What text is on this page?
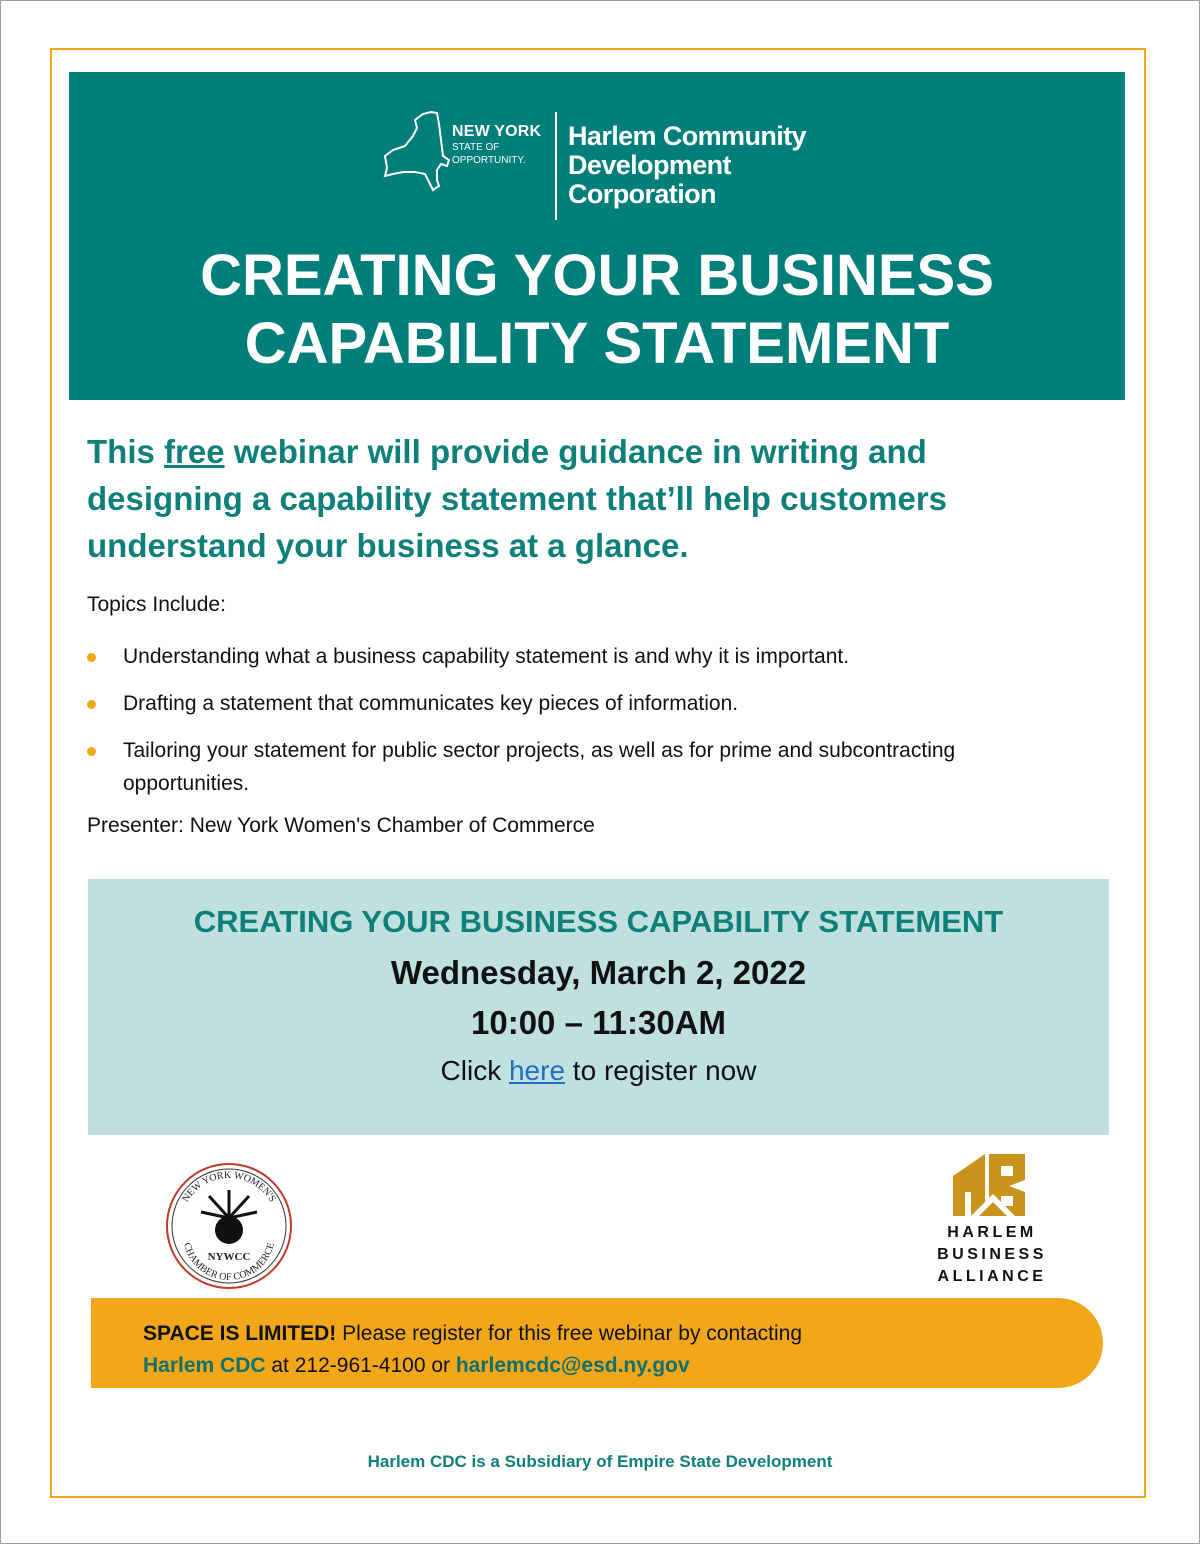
NEW YORK
STATE OF
OPPORTUNITY.
Harlem Community
Development
Corporation
CREATING YOUR BUSINESS
CAPABILITY STATEMENT
This free webinar will provide guidance in writing and designing a capability statement that’ll help customers understand your business at a glance.
Topics Include:
Understanding what a business capability statement is and why it is important.
Drafting a statement that communicates key pieces of information.
Tailoring your statement for public sector projects, as well as for prime and subcontracting opportunities.
Presenter: New York Women's Chamber of Commerce
CREATING YOUR BUSINESS CAPABILITY STATEMENT
Wednesday, March 2, 2022
10:00 – 11:30AM
Click here to register now
NEW YORK WOMEN'S
CHAMBER OF COMMERCE
NYWCC
HARLEM
BUSINESS
ALLIANCE
SPACE IS LIMITED! Please register for this free webinar by contacting
Harlem CDC at 212-961-4100 or harlemcdc@esd.ny.gov
Harlem CDC is a Subsidiary of Empire State Development
